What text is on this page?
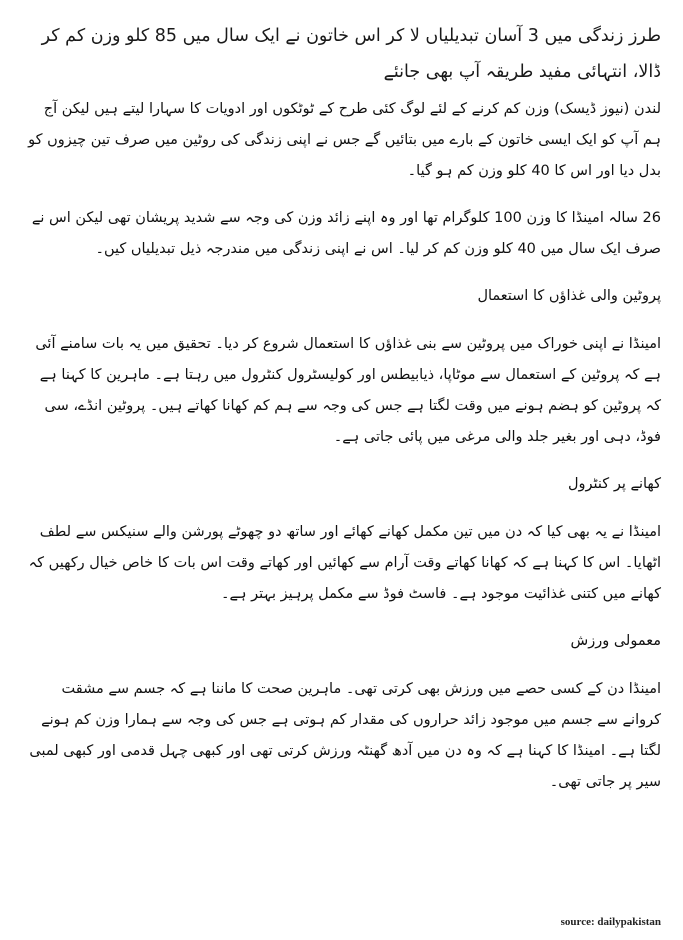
طرز زندگی میں 3 آسان تبدیلیاں لا کر اس خاتون نے ایک سال میں 85 کلو وزن کم کر ڈالا، انتہائی مفید طریقہ آپ بھی جانئے

لندن (نیوز ڈیسک) وزن کم کرنے کے لئے لوگ کئی طرح کے ٹوٹکوں اور ادویات کا سہارا لیتے ہیں لیکن آج ہم آپ کو ایک ایسی خاتون کے بارے میں بتائیں گے جس نے اپنی زندگی کی روٹین میں صرف تین چیزوں کو بدل دیا اور اس کا 40 کلو وزن کم ہو گیا۔

26 سالہ امینڈا کا وزن 100 کلوگرام تھا اور وہ اپنے زائد وزن کی وجہ سے شدید پریشان تھی لیکن اس نے صرف ایک سال میں 40 کلو وزن کم کر لیا۔ اس نے اپنی زندگی میں مندرجہ ذیل تبدیلیاں کیں۔

پروٹین والی غذاؤں کا استعمال

امینڈا نے اپنی خوراک میں پروٹین سے بنی غذاؤں کا استعمال شروع کر دیا۔ تحقیق میں یہ بات سامنے آئی ہے کہ پروٹین کے استعمال سے موٹاپا، ذیابیطس اور کولیسٹرول کنٹرول میں رہتا ہے۔ ماہرین کا کہنا ہے کہ پروٹین کو ہضم ہونے میں وقت لگتا ہے جس کی وجہ سے ہم کم کھانا کھاتے ہیں۔ پروٹین انڈے، سی فوڈ، دہی اور بغیر جلد والی مرغی میں پائی جاتی ہے۔

کھانے پر کنٹرول

امینڈا نے یہ بھی کیا کہ دن میں تین مکمل کھانے کھائے اور ساتھ دو چھوٹے پورشن والے سنیکس سے لطف اٹھایا۔ اس کا کہنا ہے کہ کھانا کھاتے وقت آرام سے کھائیں اور کھاتے وقت اس بات کا خاص خیال رکھیں کہ کھانے میں کتنی غذائیت موجود ہے۔ فاسٹ فوڈ سے مکمل پرہیز بہتر ہے۔

معمولی ورزش

امینڈا دن کے کسی حصے میں ورزش بھی کرتی تھی۔ ماہرین صحت کا ماننا ہے کہ جسم سے مشقت کروانے سے جسم میں موجود زائد حراروں کی مقدار کم ہوتی ہے جس کی وجہ سے ہمارا وزن کم ہونے لگتا ہے۔ امینڈا کا کہنا ہے کہ وہ دن میں آدھ گھنٹہ ورزش کرتی تھی اور کبھی چہل قدمی اور کبھی لمبی سیر پر جاتی تھی۔

source: dailypakistan
